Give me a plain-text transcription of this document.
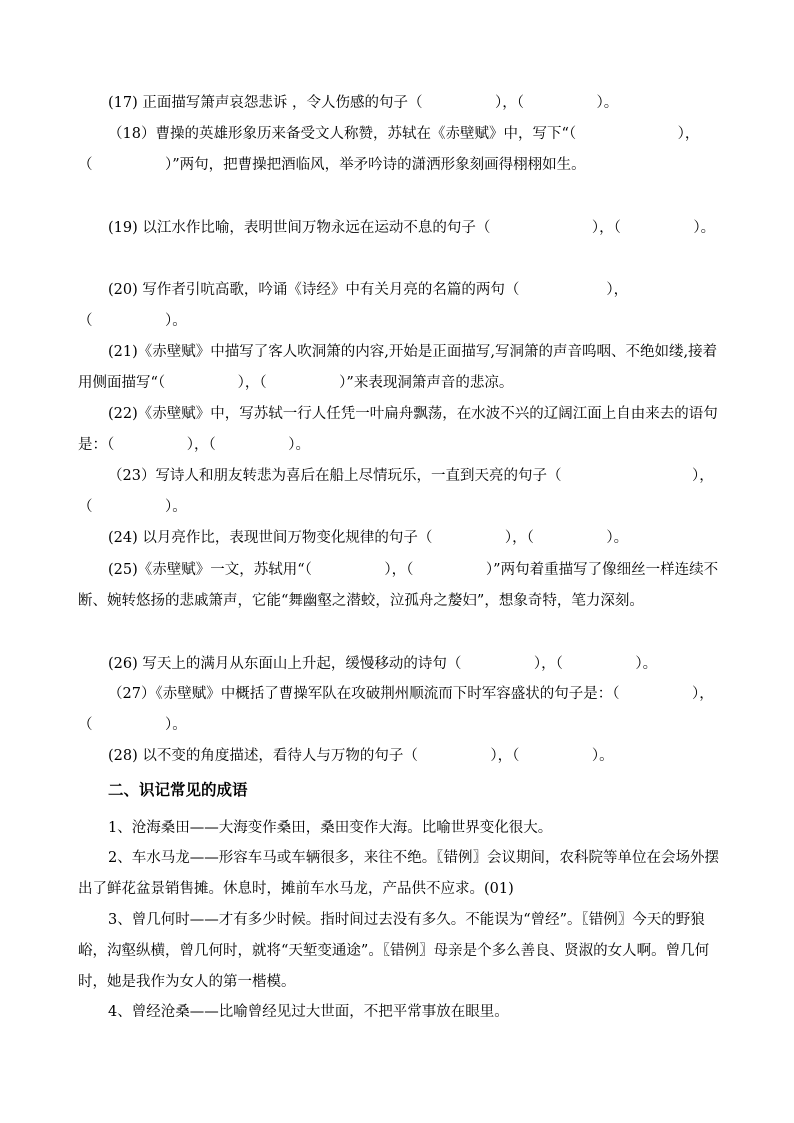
(17) 正面描写箫声哀怨悲诉 ，令人伤感的句子（　　　　　），（　　　　　）。

（18）曹操的英雄形象历来备受文人称赞，苏轼在《赤壁赋》中，写下“（　　　　　　　），（　　　　　）”两句，把曹操把酒临风，举矛吟诗的潇洒形象刻画得栩栩如生。

(19) 以江水作比喻，表明世间万物永远在运动不息的句子（　　　　　　　），（　　　　　）。

(20) 写作者引吭高歌，吟诵《诗经》中有关月亮的名篇的两句（　　　　　　），（　　　　　）。

(21)《赤壁赋》中描写了客人吹洞箫的内容,开始是正面描写,写洞箫的声音呜咽、不绝如缕,接着用侧面描写“（　　　　　），（　　　　　）”来表现洞箫声音的悲凉。

(22)《赤壁赋》中，写苏轼一行人任凭一叶扁舟飘荡，在水波不兴的辽阔江面上自由来去的语句是：（　　　　　），（　　　　　）。

（23）写诗人和朋友转悲为喜后在船上尽情玩乐，一直到天亮的句子（　　　　　　　　　），（　　　　　）。

(24) 以月亮作比，表现世间万物变化规律的句子（　　　　　），（　　　　　）。

(25)《赤壁赋》一文，苏轼用“（　　　　　），（　　　　　）”两句着重描写了像细丝一样连续不断、婉转悠扬的悲戚箫声，它能“舞幽壑之潜蛟，泣孤舟之嫠妇”，想象奇特，笔力深刻。

(26) 写天上的满月从东面山上升起，缓慢移动的诗句（　　　　　），（　　　　　）。

（27）《赤壁赋》中概括了曹操军队在攻破荆州顺流而下时军容盛状的句子是：（　　　　　），（　　　　　）。

(28) 以不变的角度描述，看待人与万物的句子（　　　　　），（　　　　　）。

二、识记常见的成语

1、沧海桑田——大海变作桑田，桑田变作大海。比喻世界变化很大。

2、车水马龙——形容车马或车辆很多，来往不绝。〖错例〗会议期间，农科院等单位在会场外摆出了鲜花盆景销售摊。休息时，摊前车水马龙，产品供不应求。(01)

3、曾几何时——才有多少时候。指时间过去没有多久。不能误为“曾经”。〖错例〗今天的野狼峪，沟壑纵横，曾几何时，就将“天堑变通途”。〖错例〗母亲是个多么善良、贤淑的女人啊。曾几何时，她是我作为女人的第一楷模。

4、曾经沧桑——比喻曾经见过大世面，不把平常事放在眼里。
